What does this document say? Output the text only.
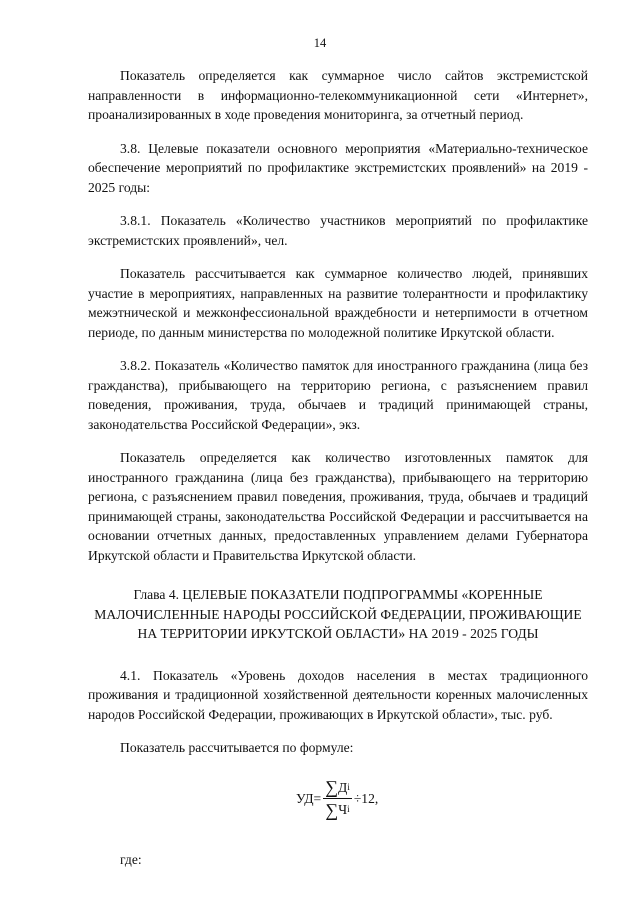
14

Показатель определяется как суммарное число сайтов экстремистской направленности в информационно-телекоммуникационной сети «Интернет», проанализированных в ходе проведения мониторинга, за отчетный период.

3.8. Целевые показатели основного мероприятия «Материально-техническое обеспечение мероприятий по профилактике экстремистских проявлений» на 2019 - 2025 годы:

3.8.1. Показатель «Количество участников мероприятий по профилактике экстремистских проявлений», чел.

Показатель рассчитывается как суммарное количество людей, принявших участие в мероприятиях, направленных на развитие толерантности и профилактику межэтнической и межконфессиональной враждебности и нетерпимости в отчетном периоде, по данным министерства по молодежной политике Иркутской области.

3.8.2. Показатель «Количество памяток для иностранного гражданина (лица без гражданства), прибывающего на территорию региона, с разъяснением правил поведения, проживания, труда, обычаев и традиций принимающей страны, законодательства Российской Федерации», экз.

Показатель определяется как количество изготовленных памяток для иностранного гражданина (лица без гражданства), прибывающего на территорию региона, с разъяснением правил поведения, проживания, труда, обычаев и традиций принимающей страны, законодательства Российской Федерации и рассчитывается на основании отчетных данных, предоставленных управлением делами Губернатора Иркутской области и Правительства Иркутской области.

Глава 4. ЦЕЛЕВЫЕ ПОКАЗАТЕЛИ ПОДПРОГРАММЫ «КОРЕННЫЕ МАЛОЧИСЛЕННЫЕ НАРОДЫ РОССИЙСКОЙ ФЕДЕРАЦИИ, ПРОЖИВАЮЩИЕ НА ТЕРРИТОРИИ ИРКУТСКОЙ ОБЛАСТИ» НА 2019 - 2025 ГОДЫ

4.1. Показатель «Уровень доходов населения в местах традиционного проживания и традиционной хозяйственной деятельности коренных малочисленных народов Российской Федерации, проживающих в Иркутской области», тыс. руб.

Показатель рассчитывается по формуле:

УД = $\frac{\text{∑ Д i}}{\text{∑ Ч i}} \div 12$,

где:
